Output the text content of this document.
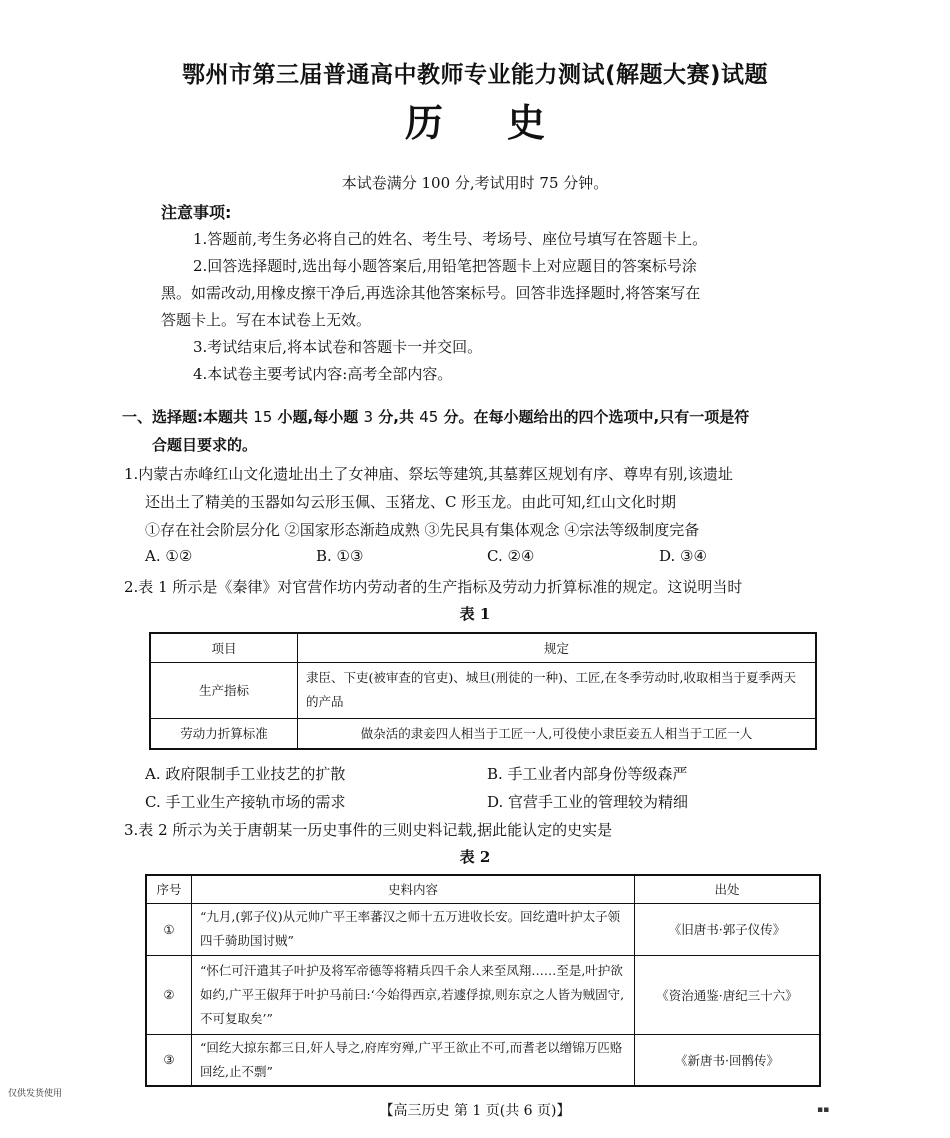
鄂州市第三届普通高中教师专业能力测试(解题大赛)试题
历史
本试卷满分 100 分,考试用时 75 分钟。
注意事项:
1.答题前,考生务必将自己的姓名、考生号、考场号、座位号填写在答题卡上。
2.回答选择题时,选出每小题答案后,用铅笔把答题卡上对应题目的答案标号涂
黑。如需改动,用橡皮擦干净后,再选涂其他答案标号。回答非选择题时,将答案写在
答题卡上。写在本试卷上无效。
3.考试结束后,将本试卷和答题卡一并交回。
4.本试卷主要考试内容:高考全部内容。
一、选择题:本题共 15 小题,每小题 3 分,共 45 分。在每小题给出的四个选项中,只有一项是符
合题目要求的。
1.内蒙古赤峰红山文化遗址出土了女神庙、祭坛等建筑,其墓葬区规划有序、尊卑有别,该遗址
还出土了精美的玉器如勾云形玉佩、玉猪龙、C 形玉龙。由此可知,红山文化时期
①存在社会阶层分化 ②国家形态渐趋成熟 ③先民具有集体观念 ④宗法等级制度完备
A. ①②	B. ①③	C. ②④	D. ③④
2.表 1 所示是《秦律》对官营作坊内劳动者的生产指标及劳动力折算标准的规定。这说明当时
表 1
项目	规定
生产指标	隶臣、下吏(被审查的官吏)、城旦(刑徒的一种)、工匠,在冬季劳动时,收取相当于夏季两天的产品
劳动力折算标准	做杂活的隶妾四人相当于工匠一人,可役使小隶臣妾五人相当于工匠一人
A. 政府限制手工业技艺的扩散	B. 手工业者内部身份等级森严
C. 手工业生产接轨市场的需求	D. 官营手工业的管理较为精细
3.表 2 所示为关于唐朝某一历史事件的三则史料记载,据此能认定的史实是
表 2
序号	史料内容	出处
①	“九月,(郭子仪)从元帅广平王率蕃汉之师十五万进收长安。回纥遣叶护太子领四千骑助国讨贼”	《旧唐书·郭子仪传》
②	“怀仁可汗遣其子叶护及将军帝德等将精兵四千余人来至凤翔……至是,叶护欲如约,广平王俶拜于叶护马前曰:‘今始得西京,若遽俘掠,则东京之人皆为贼固守,不可复取矣’”	《资治通鉴·唐纪三十六》
③	“回纥大掠东都三日,奸人导之,府库穷殚,广平王欲止不可,而耆老以缯锦万匹赂回纥,止不剽”	《新唐书·回鹘传》
仅供发货使用
【高三历史 第 1 页(共 6 页)】	▪▪
